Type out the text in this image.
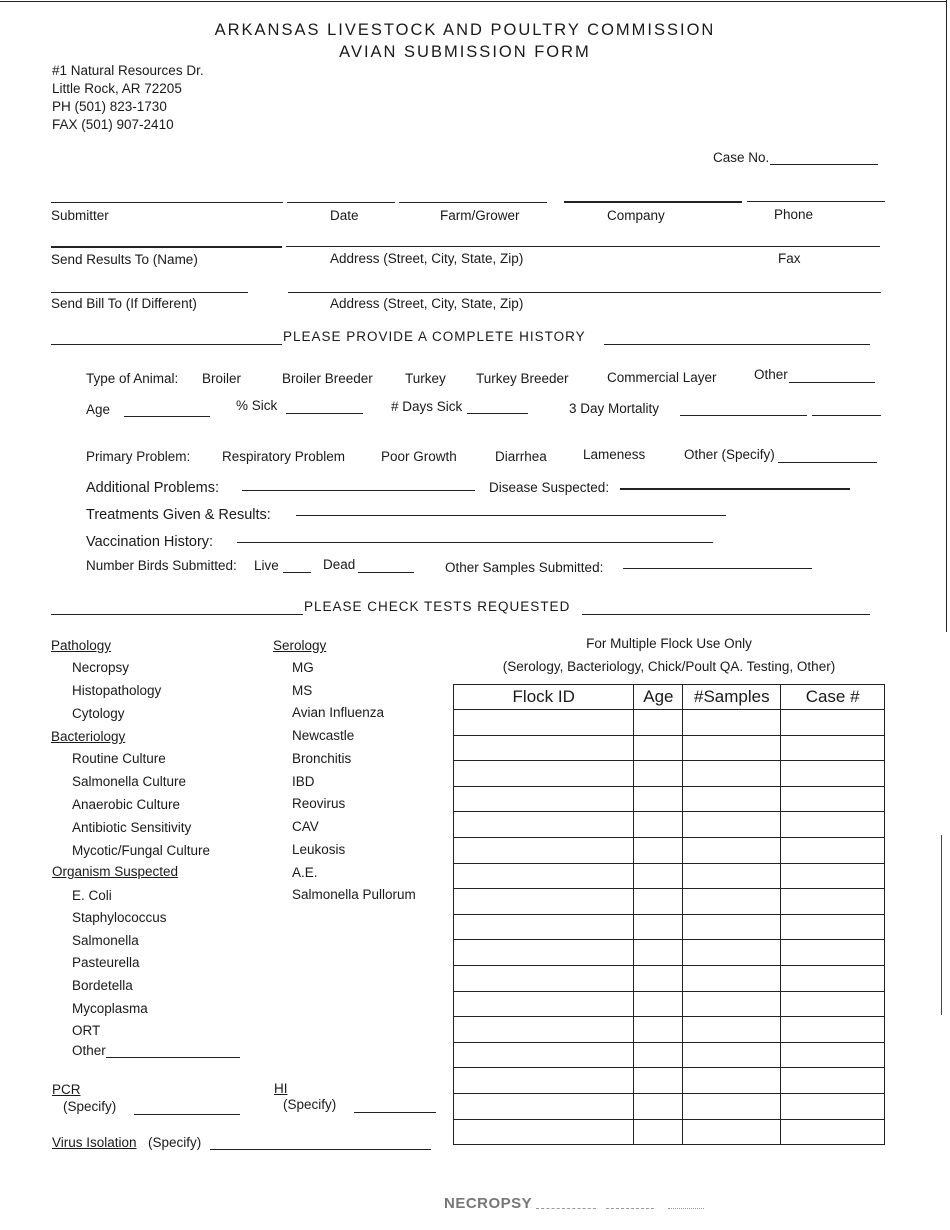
ARKANSAS LIVESTOCK AND POULTRY COMMISSION
AVIAN SUBMISSION FORM
#1 Natural Resources Dr.
Little Rock, AR 72205
PH (501) 823-1730
FAX (501) 907-2410
Case No.
Submitter	Date	Farm/Grower	Company	Phone
Send Results To (Name)	Address (Street, City, State, Zip)	Fax
Send Bill To (If Different)	Address (Street, City, State, Zip)
PLEASE PROVIDE A COMPLETE HISTORY
Type of Animal: Broiler	Broiler Breeder Turkey Turkey Breeder	Commercial Layer	Other
Age	% Sick	# Days Sick	3 Day Mortality
Primary Problem: Respiratory Problem	Poor Growth	Diarrhea	Lameness	Other (Specify)
Additional Problems:	Disease Suspected:
Treatments Given & Results:
Vaccination History:
Number Birds Submitted: Live	Dead	Other Samples Submitted:
PLEASE CHECK TESTS REQUESTED
Pathology
Necropsy
Histopathology
Cytology
Bacteriology
Routine Culture
Salmonella Culture
Anaerobic Culture
Antibiotic Sensitivity
Mycotic/Fungal Culture
Organism Suspected
E. Coli
Staphylococcus
Salmonella
Pasteurella
Bordetella
Mycoplasma
ORT
Other
Serology
MG
MS
Avian Influenza
Newcastle
Bronchitis
IBD
Reovirus
CAV
Leukosis
A.E.
Salmonella Pullorum
PCR
(Specify)
HI
(Specify)
Virus Isolation (Specify)
For Multiple Flock Use Only
(Serology, Bacteriology, Chick/Poult QA. Testing, Other)
Flock ID	Age	#Samples	Case #

NECROPSY
